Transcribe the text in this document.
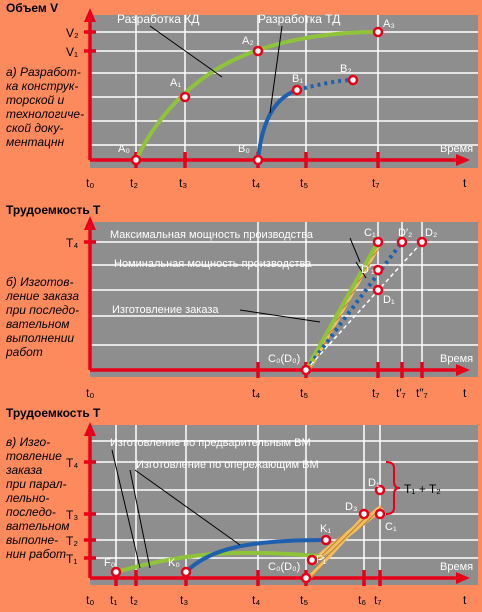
Объем V
V₂
V₁
Разработка КД	Разработка ТД
Время
A₀
A₁
A₂
A₃
B₀
B₁
B₂
t₀	t₂	t₃	t₄	t₅	t₇	t
а) Разработ-
ка конструк-
торской и
технологиче-
ской доку-
ментацнн
Трудоемкость T
T₄
Максимальная мощность производства
Номинальная мощность производства
Изготовление заказа
Время
C₀(D₀)
C₁
D′₁
D₁
D′₂ D₂
t₀	t₄	t₅	t₇ t′₇ t″₇	t
б) Изготов-
ление заказа
при последо-
вательном
выполнении
работ
Трудоемкость T
T₄
T₃
T₂
T₁
Изготовление по предварительным ВМ
Изготовление по опережающим ВМ
T₁ + T₂
Время
F₀	K₀	C₀(D₀)
K₁
F₁
D₃
D₁
C₁
t₀ t₁ t₂	t₃	t₄	t₅	t₆ t₇	t
в) Изго-
товление
заказа
при парал-
лельно-
последо-
вательном
выполне-
нин работ
